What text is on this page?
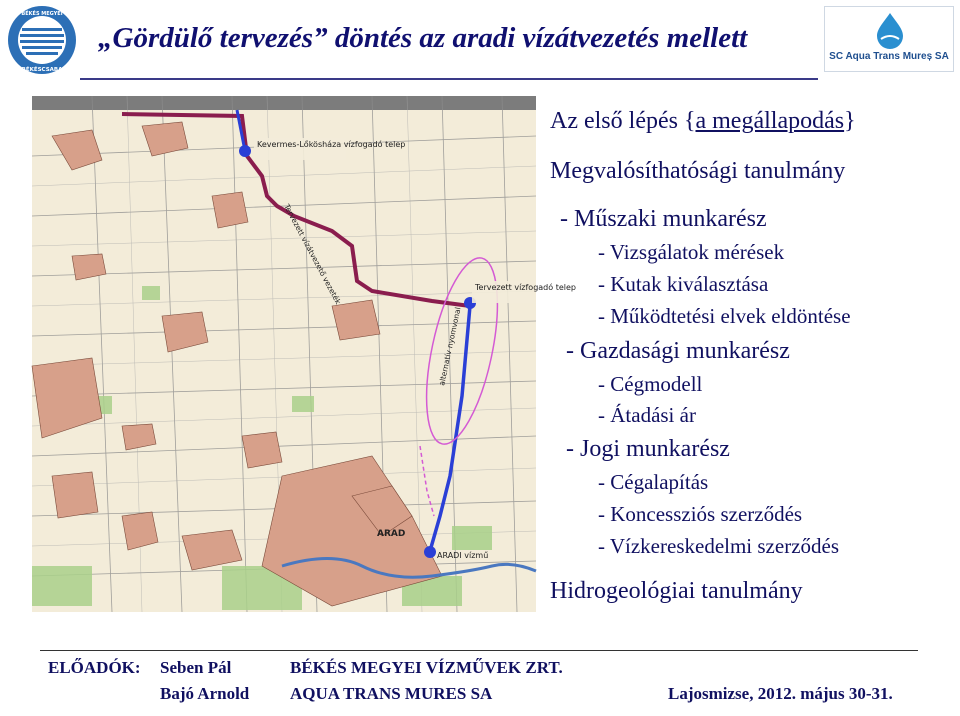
BÉKÉS MEGYEI
BÉKÉSCSABA
SC Aqua Trans Mureș SA
„Gördülő tervezés” döntés az aradi vízátvezetés mellett
Kevermes-Lőkösháza vízfogadó telep
Tervezett vízátvezető vezeték	Tervezett vízfogadó telep
alternatív nyomvonal
ARAD
ARADI vízmű
Az első lépés {a megállapodás}
Megvalósíthatósági tanulmány
- Műszaki munkarész
- Vizsgálatok mérések
- Kutak kiválasztása
- Működtetési elvek eldöntése
- Gazdasági munkarész
- Cégmodell
- Átadási ár
- Jogi munkarész
- Cégalapítás
- Koncessziós szerződés
- Vízkereskedelmi szerződés
Hidrogeológiai tanulmány
ELŐADÓK: Seben Pál
Bajó Arnold
BÉKÉS MEGYEI VÍZMŰVEK ZRT.
AQUA TRANS MURES SA	Lajosmizse, 2012. május 30-31.
